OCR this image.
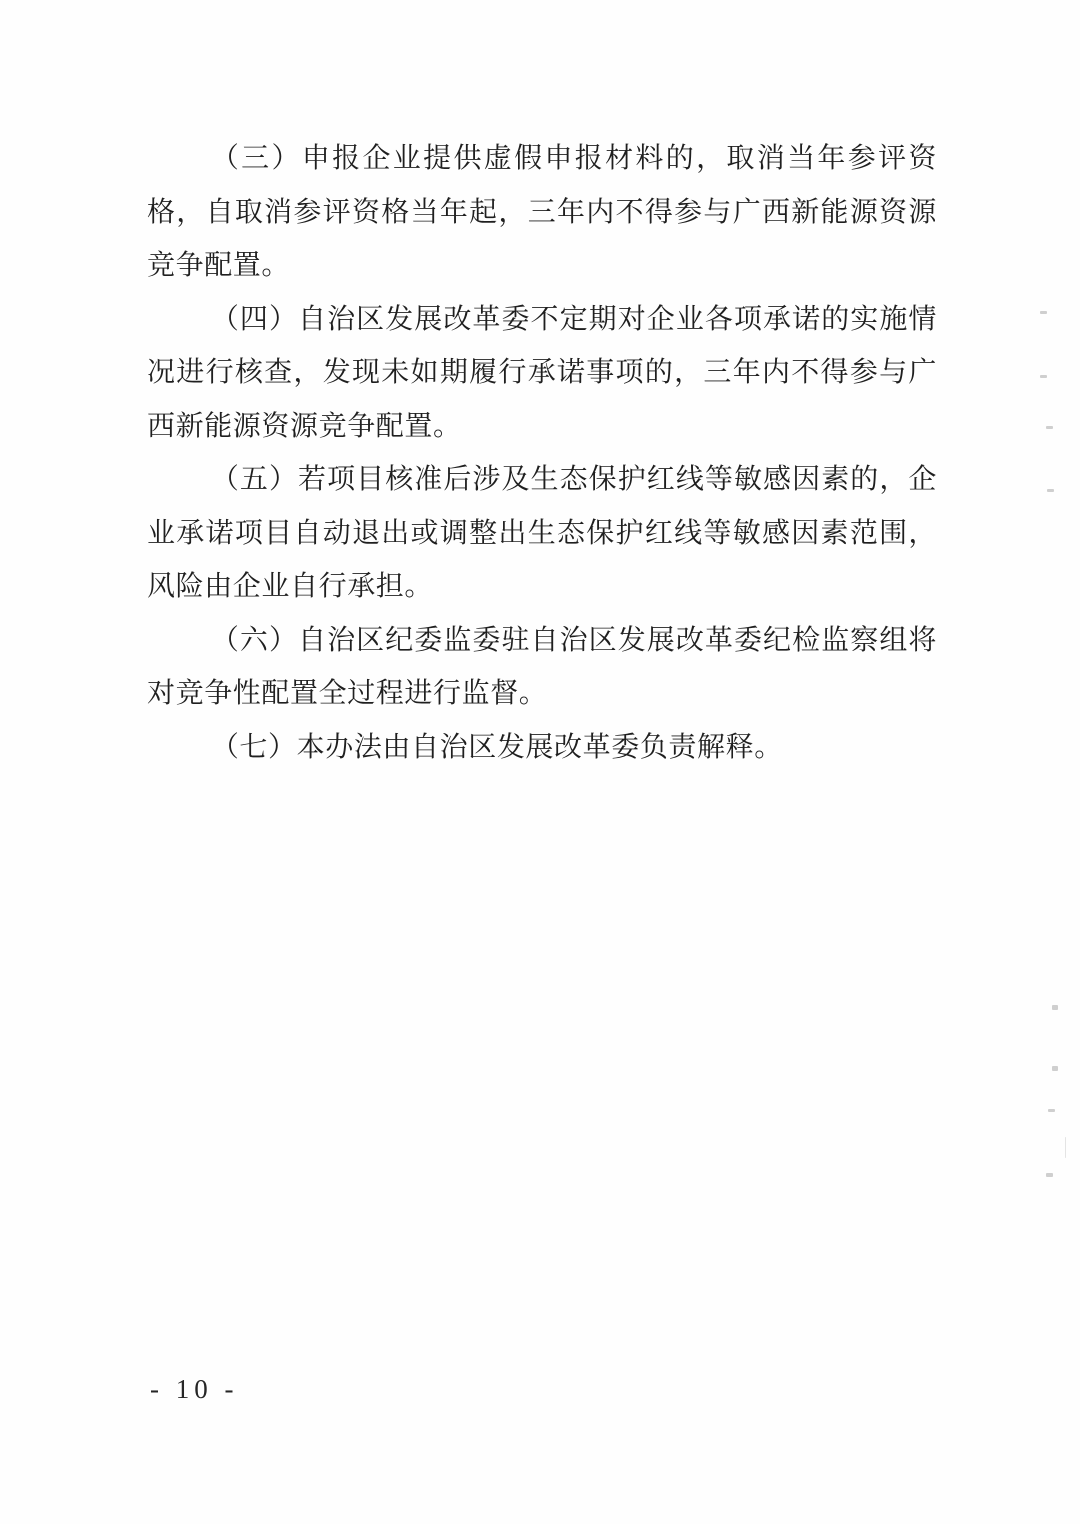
（三）申报企业提供虚假申报材料的，取消当年参评资格，自取消参评资格当年起，三年内不得参与广西新能源资源竞争配置。

（四）自治区发展改革委不定期对企业各项承诺的实施情况进行核查，发现未如期履行承诺事项的，三年内不得参与广西新能源资源竞争配置。

（五）若项目核准后涉及生态保护红线等敏感因素的，企业承诺项目自动退出或调整出生态保护红线等敏感因素范围，风险由企业自行承担。

（六）自治区纪委监委驻自治区发展改革委纪检监察组将对竞争性配置全过程进行监督。

（七）本办法由自治区发展改革委负责解释。

- 10 -
